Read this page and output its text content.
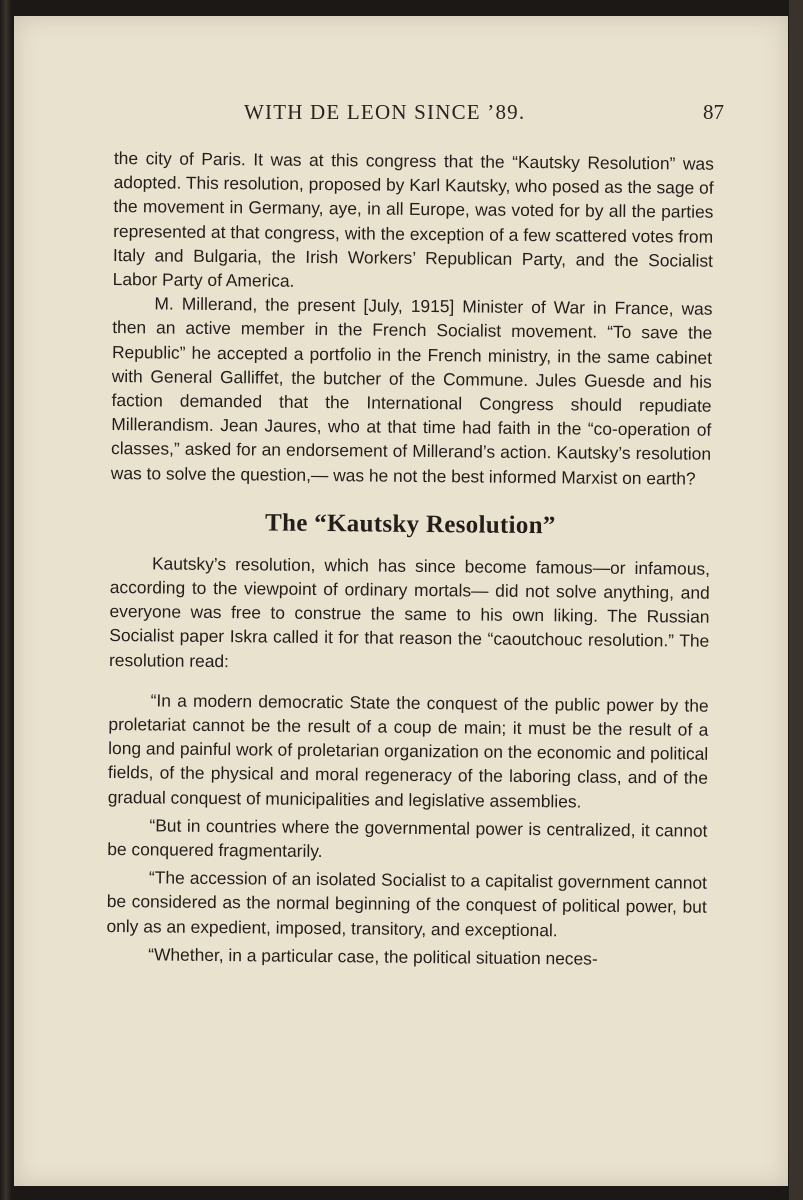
WITH DE LEON SINCE ’89.	87

the city of Paris. It was at this congress that the “Kautsky Resolution” was adopted. This resolution, proposed by Karl Kautsky, who posed as the sage of the movement in Germany, aye, in all Europe, was voted for by all the parties represented at that congress, with the exception of a few scattered votes from Italy and Bulgaria, the Irish Workers’ Republican Party, and the Socialist Labor Party of America.

M. Millerand, the present [July, 1915] Minister of War in France, was then an active member in the French Socialist movement. “To save the Republic” he accepted a portfolio in the French ministry, in the same cabinet with General Galliffet, the butcher of the Commune. Jules Guesde and his faction demanded that the International Congress should repudiate Millerandism. Jean Jaures, who at that time had faith in the “co-operation of classes,” asked for an endorsement of Millerand’s action. Kautsky’s resolution was to solve the question,— was he not the best informed Marxist on earth?

The “Kautsky Resolution”

Kautsky’s resolution, which has since become famous—or infamous, according to the viewpoint of ordinary mortals— did not solve anything, and everyone was free to construe the same to his own liking. The Russian Socialist paper Iskra called it for that reason the “caoutchouc resolution.” The resolution read:

“In a modern democratic State the conquest of the public power by the proletariat cannot be the result of a coup de main; it must be the result of a long and painful work of proletarian organization on the economic and political fields, of the physical and moral regeneracy of the laboring class, and of the gradual conquest of municipalities and legislative assemblies.

“But in countries where the governmental power is centralized, it cannot be conquered fragmentarily.

“The accession of an isolated Socialist to a capitalist government cannot be considered as the normal beginning of the conquest of political power, but only as an expedient, imposed, transitory, and exceptional.

“Whether, in a particular case, the political situation neces-
